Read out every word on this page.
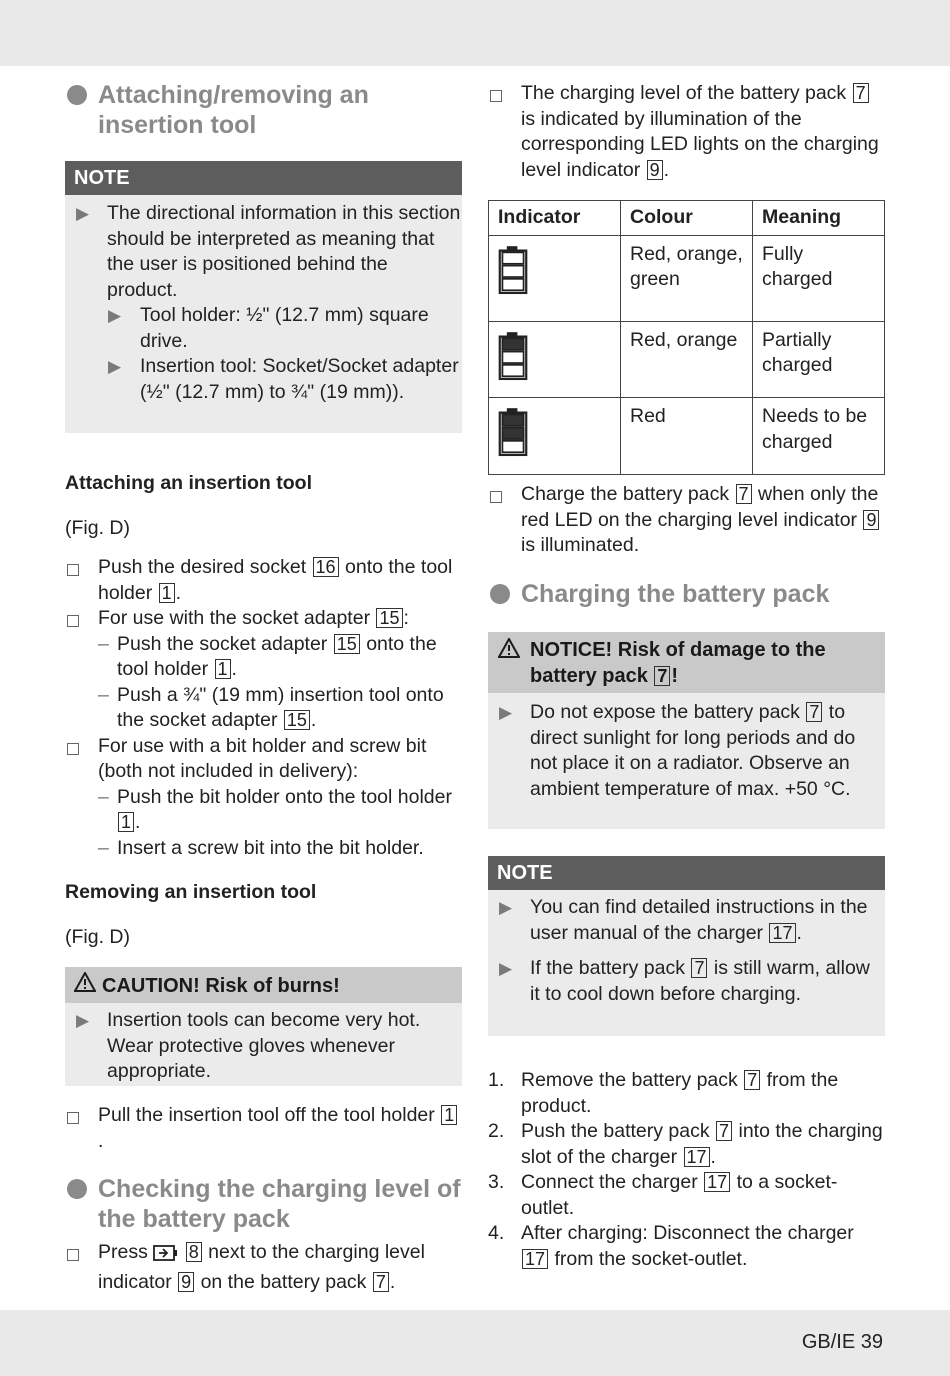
Attaching/removing an insertion tool
NOTE
▶ The directional information in this section should be interpreted as meaning that the user is positioned behind the product.
▶ Tool holder: ½" (12.7 mm) square drive.
▶ Insertion tool: Socket/Socket adapter (½" (12.7 mm) to ¾" (19 mm)).
Attaching an insertion tool
(Fig. D)
Push the desired socket 16 onto the tool holder 1 .
For use with the socket adapter 15 :
– Push the socket adapter 15 onto the tool holder 1 .
– Push a ¾" (19 mm) insertion tool onto the socket adapter 15 .
For use with a bit holder and screw bit (both not included in delivery):
– Push the bit holder onto the tool holder 1 .
– Insert a screw bit into the bit holder.
Removing an insertion tool
(Fig. D)
CAUTION! Risk of burns!
▶ Insertion tools can become very hot. Wear protective gloves whenever appropriate.
Pull the insertion tool off the tool holder 1.
Checking the charging level of the battery pack
Press 8 next to the charging level indicator 9 on the battery pack 7 .
The charging level of the battery pack 7 is indicated by illumination of the corresponding LED lights on the charging level indicator 9 .
Indicator	Colour	Meaning
	Red, orange, green	Fully charged
	Red, orange	Partially charged
	Red	Needs to be charged
Charge the battery pack 7 when only the red LED on the charging level indicator 9 is illuminated.
Charging the battery pack
NOTICE! Risk of damage to the battery pack 7 !
▶ Do not expose the battery pack 7 to direct sunlight for long periods and do not place it on a radiator. Observe an ambient temperature of max. +50 °C.
NOTE
▶ You can find detailed instructions in the user manual of the charger 17 .
▶ If the battery pack 7 is still warm, allow it to cool down before charging.
1. Remove the battery pack 7 from the product.
2. Push the battery pack 7 into the charging slot of the charger 17 .
3. Connect the charger 17 to a socket-outlet.
4. After charging: Disconnect the charger 17 from the socket-outlet.
GB/IE 39
